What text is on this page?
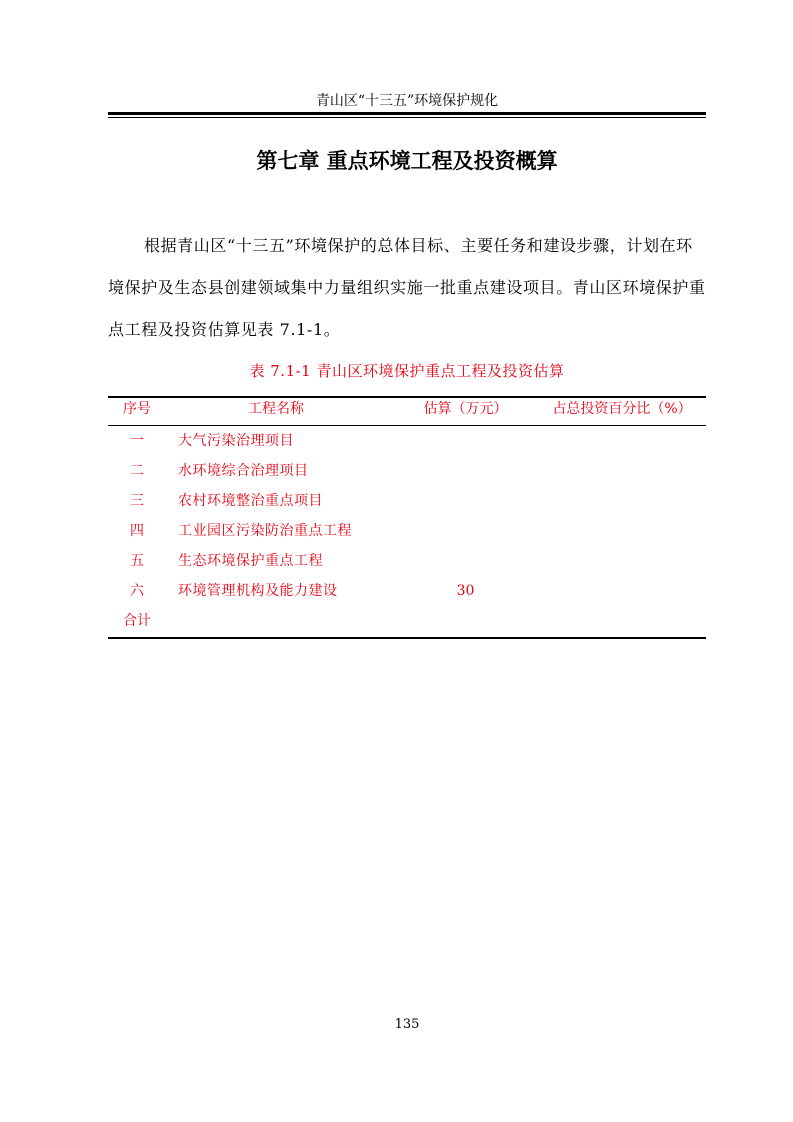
青山区“十三五”环境保护规化
第七章 重点环境工程及投资概算
根据青山区“十三五”环境保护的总体目标、主要任务和建设步骤，计划在环境保护及生态县创建领域集中力量组织实施一批重点建设项目。青山区环境保护重点工程及投资估算见表 7.1-1。
表 7.1-1 青山区环境保护重点工程及投资估算
序号	工程名称	估算（万元）	占总投资百分比（%）
一	大气污染治理项目
二	水环境综合治理项目
三	农村环境整治重点项目
四	工业园区污染防治重点工程
五	生态环境保护重点工程
六	环境管理机构及能力建设	30
合计
135
